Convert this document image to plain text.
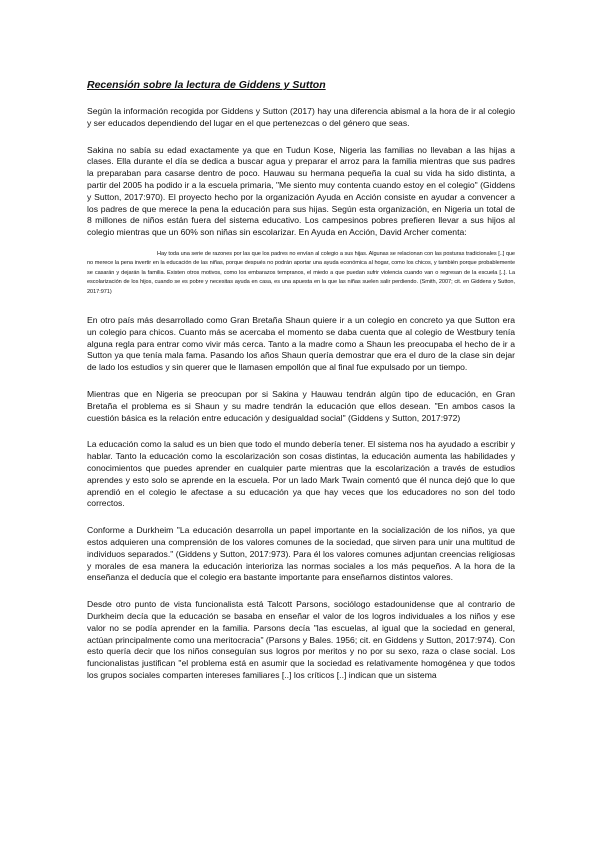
Recensión sobre la lectura de Giddens y Sutton

Según la información recogida por Giddens y Sutton (2017) hay una diferencia abismal a la hora de ir al colegio y ser educados dependiendo del lugar en el que pertenezcas o del género que seas.

Sakina no sabía su edad exactamente ya que en Tudun Kose, Nigeria las familias no llevaban a las hijas a clases. Ella durante el día se dedica a buscar agua y preparar el arroz para la familia mientras que sus padres la preparaban para casarse dentro de poco. Hauwau su hermana pequeña la cual su vida ha sido distinta, a partir del 2005 ha podido ir a la escuela primaria, "Me siento muy contenta cuando estoy en el colegio" (Giddens y Sutton, 2017:970). El proyecto hecho por la organización Ayuda en Acción consiste en ayudar a convencer a los padres de que merece la pena la educación para sus hijas. Según esta organización, en Nigeria un total de 8 millones de niños están fuera del sistema educativo. Los campesinos pobres prefieren llevar a sus hijos al colegio mientras que un 60% son niñas sin escolarizar. En Ayuda en Acción, David Archer comenta:

Hay toda una serie de razones por las que los padres no envían al colegio a sus hijas. Algunas se relacionan con las posturas tradicionales [..] que no merece la pena invertir en la educación de las niñas, porque después no podrán aportar una ayuda económica al hogar, como los chicos, y también porque probablemente se casarán y dejarán la familia. Existen otros motivos, como los embarazos tempranos, el miedo a que puedan sufrir violencia cuando van o regresan de la escuela [..]. La escolarización de los hijos, cuando se es pobre y necesitas ayuda en casa, es una apuesta en la que las niñas suelen salir perdiendo. (Smith, 2007; cit. en Giddens y Sutton, 2017:971)

En otro país más desarrollado como Gran Bretaña Shaun quiere ir a un colegio en concreto ya que Sutton era un colegio para chicos. Cuanto más se acercaba el momento se daba cuenta que al colegio de Westbury tenía alguna regla para entrar como vivir más cerca. Tanto a la madre como a Shaun les preocupaba el hecho de ir a Sutton ya que tenía mala fama. Pasando los años Shaun quería demostrar que era el duro de la clase sin dejar de lado los estudios y sin querer que le llamasen empollón que al final fue expulsado por un tiempo.

Mientras que en Nigeria se preocupan por si Sakina y Hauwau tendrán algún tipo de educación, en Gran Bretaña el problema es si Shaun y su madre tendrán la educación que ellos desean. "En ambos casos la cuestión básica es la relación entre educación y desigualdad social" (Giddens y Sutton, 2017:972)

La educación como la salud es un bien que todo el mundo debería tener. El sistema nos ha ayudado a escribir y hablar. Tanto la educación como la escolarización son cosas distintas, la educación aumenta las habilidades y conocimientos que puedes aprender en cualquier parte mientras que la escolarización a través de estudios aprendes y esto solo se aprende en la escuela. Por un lado Mark Twain comentó que él nunca dejó que lo que aprendió en el colegio le afectase a su educación ya que hay veces que los educadores no son del todo correctos.

Conforme a Durkheim "La educación desarrolla un papel importante en la socialización de los niños, ya que estos adquieren una comprensión de los valores comunes de la sociedad, que sirven para unir una multitud de individuos separados." (Giddens y Sutton, 2017:973). Para él los valores comunes adjuntan creencias religiosas y morales de esa manera la educación interioriza las normas sociales a los más pequeños. A la hora de la enseñanza el deducía que el colegio era bastante importante para enseñarnos distintos valores.

Desde otro punto de vista funcionalista está Talcott Parsons, sociólogo estadounidense que al contrario de Durkheim decía que la educación se basaba en enseñar el valor de los logros individuales a los niños y ese valor no se podía aprender en la familia. Parsons decía "las escuelas, al igual que la sociedad en general, actúan principalmente como una meritocracia" (Parsons y Bales. 1956; cit. en Giddens y Sutton, 2017:974). Con esto quería decir que los niños conseguían sus logros por meritos y no por su sexo, raza o clase social. Los funcionalistas justifican "el problema está en asumir que la sociedad es relativamente homogénea y que todos los grupos sociales comparten intereses familiares [..] los críticos [..] indican que un sistema
